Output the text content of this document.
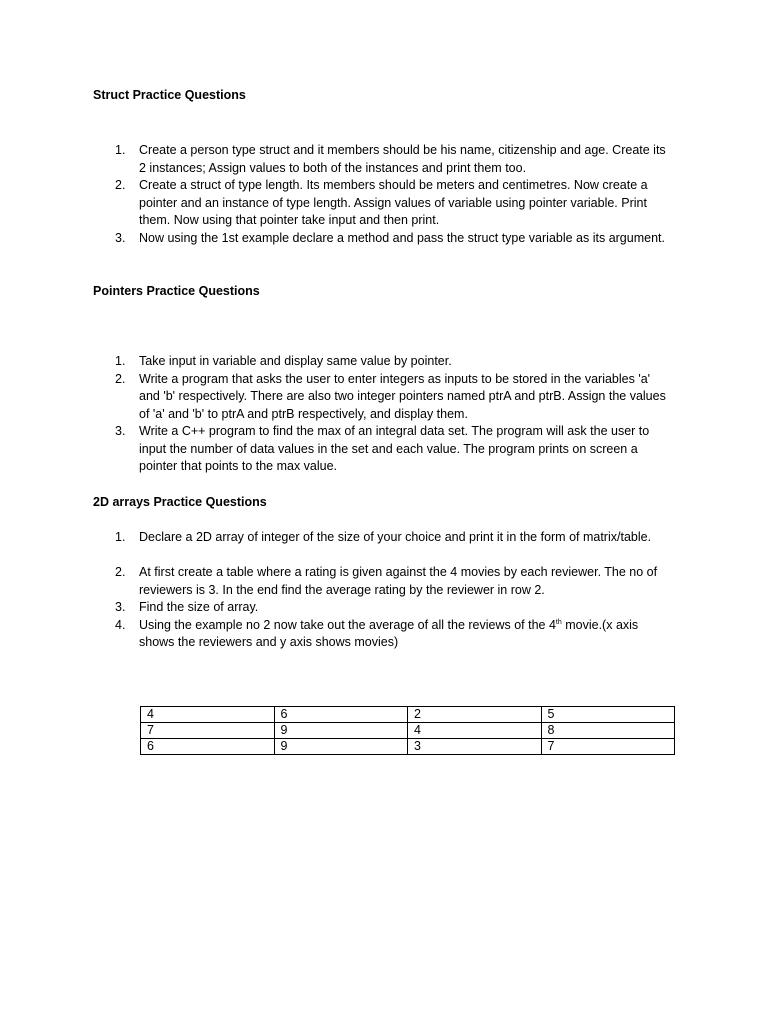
Struct Practice Questions
1. Create a person type struct and it members should be his name, citizenship and age. Create its 2 instances; Assign values to both of the instances and print them too.
2. Create a struct of type length. Its members should be meters and centimetres. Now create a pointer and an instance of type length. Assign values of variable using pointer variable. Print them. Now using that pointer take input and then print.
3. Now using the 1st example declare a method and pass the struct type variable as its argument.
Pointers Practice Questions
1. Take input in variable and display same value by pointer.
2. Write a program that asks the user to enter integers as inputs to be stored in the variables 'a' and 'b' respectively. There are also two integer pointers named ptrA and ptrB. Assign the values of 'a' and 'b' to ptrA and ptrB respectively, and display them.
3. Write a C++ program to find the max of an integral data set. The program will ask the user to input the number of data values in the set and each value. The program prints on screen a pointer that points to the max value.
2D arrays Practice Questions
1. Declare a 2D array of integer of the size of your choice and print it in the form of matrix/table.
2. At first create a table where a rating is given against the 4 movies by each reviewer. The no of reviewers is 3. In the end find the average rating by the reviewer in row 2.
3. Find the size of array.
4. Using the example no 2 now take out the average of all the reviews of the 4th movie.(x axis shows the reviewers and y axis shows movies)
4	6	2	5
7	9	4	8
6	9	3	7
